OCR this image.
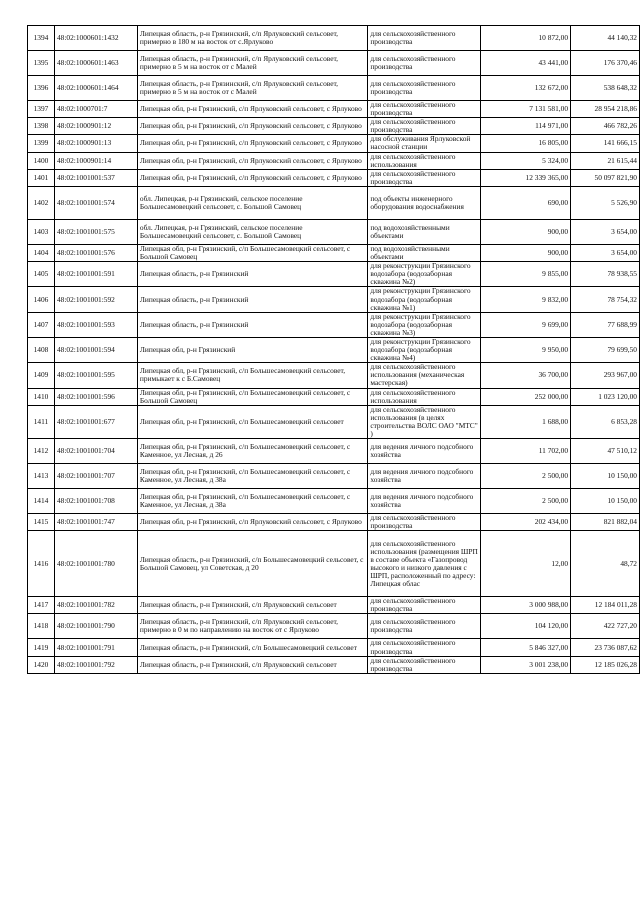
1394	48:02:1000601:1432	Липецкая область, р-н Грязинский, с/п Ярлуковский сельсовет, примерно в 180 м на восток от с.Ярлуково	для сельскохозяйственного производства	10 872,00	44 140,32
1395	48:02:1000601:1463	Липецкая область, р-н Грязинский, с/п Ярлуковский сельсовет, примерно в 5 м на восток от с Малей	для сельскохозяйственного производства	43 441,00	176 370,46
1396	48:02:1000601:1464	Липецкая область, р-н Грязинский, с/п Ярлуковский сельсовет, примерно в 5 м на восток от с Малей	для сельскохозяйственного производства	132 672,00	538 648,32
1397	48:02:1000701:7	Липецкая обл, р-н Грязинский, с/п Ярлуковский сельсовет, с Ярлуково	для сельскохозяйственного производства	7 131 581,00	28 954 218,86
1398	48:02:1000901:12	Липецкая обл, р-н Грязинский, с/п Ярлуковский сельсовет, с Ярлуково	для сельскохозяйственного производства	114 971,00	466 782,26
1399	48:02:1000901:13	Липецкая обл, р-н Грязинский, с/п Ярлуковский сельсовет, с Ярлуково	для обслуживания Ярлуковской насосной станции	16 805,00	141 666,15
1400	48:02:1000901:14	Липецкая обл, р-н Грязинский, с/п Ярлуковский сельсовет, с Ярлуково	для сельскохозяйственного использования	5 324,00	21 615,44
1401	48:02:1001001:537	Липецкая обл, р-н Грязинский, с/п Ярлуковский сельсовет, с Ярлуково	для сельскохозяйственного производства	12 339 365,00	50 097 821,90
1402	48:02:1001001:574	обл. Липецкая, р-н Грязинский, сельское поселение Большесамовецкий сельсовет, с. Большой Самовец	под объекты инженерного оборудования водоснабжения	690,00	5 526,90
1403	48:02:1001001:575	обл. Липецкая, р-н Грязинский, сельское поселение Большесамовецкий сельсовет, с. Большой Самовец	под водохозяйственными объектами	900,00	3 654,00
1404	48:02:1001001:576	Липецкая обл, р-н Грязинский, с/п Большесамовецкий сельсовет, с Большой Самовец	под водохозяйственными объектами	900,00	3 654,00
1405	48:02:1001001:591	Липецкая область, р-н Грязинский	для реконструкции Грязинского водозабора (водозаборная скважина №2)	9 855,00	78 938,55
1406	48:02:1001001:592	Липецкая область, р-н Грязинский	для реконструкции Грязинского водозабора (водозаборная скважина №1)	9 832,00	78 754,32
1407	48:02:1001001:593	Липецкая область, р-н Грязинский	для реконструкции Грязинского водозабора (водозаборная скважина №3)	9 699,00	77 688,99
1408	48:02:1001001:594	Липецкая обл, р-н Грязинский	для реконструкции Грязинского водозабора (водозаборная скважина №4)	9 950,00	79 699,50
1409	48:02:1001001:595	Липецкая обл, р-н Грязинский, с/п Большесамовецкий сельсовет, примыкает к с Б.Самовец	для сельскохозяйственного использования (механическая мастерская)	36 700,00	293 967,00
1410	48:02:1001001:596	Липецкая обл, р-н Грязинский, с/п Большесамовецкий сельсовет, с Большой Самовец	для сельскохозяйственного использования	252 000,00	1 023 120,00
1411	48:02:1001001:677	Липецкая обл, р-н Грязинский, с/п Большесамовецкий сельсовет	для сельскохозяйственного использования (в целях строительства ВОЛС ОАО "МТС" )	1 688,00	6 853,28
1412	48:02:1001001:704	Липецкая обл, р-н Грязинский, с/п Большесамовецкий сельсовет, с Каменное, ул Лесная, д 26	для ведения личного подсобного хозяйства	11 702,00	47 510,12
1413	48:02:1001001:707	Липецкая обл, р-н Грязинский, с/п Большесамовецкий сельсовет, с Каменное, ул Лесная, д 38а	для ведения личного подсобного хозяйства	2 500,00	10 150,00
1414	48:02:1001001:708	Липецкая обл, р-н Грязинский, с/п Большесамовецкий сельсовет, с Каменное, ул Лесная, д 38а	для ведения личного подсобного хозяйства	2 500,00	10 150,00
1415	48:02:1001001:747	Липецкая обл, р-н Грязинский, с/п Ярлуковский сельсовет, с Ярлуково	для сельскохозяйственного производства	202 434,00	821 882,04
1416	48:02:1001001:780	Липецкая область, р-н Грязинский, с/п Большесамовецкий сельсовет, с Большой Самовец, ул Советская, д 20	для сельскохозяйственного использования (размещения ШРП в составе объекта «Газопровод высокого и низкого давления с ШРП, расположенный по адресу: Липецкая облас	12,00	48,72
1417	48:02:1001001:782	Липецкая область, р-н Грязинский, с/п Ярлуковский сельсовет	для сельскохозяйственного производства	3 000 988,00	12 184 011,28
1418	48:02:1001001:790	Липецкая область, р-н Грязинский, с/п Ярлуковский сельсовет, примерно в 0 м по направлению на восток от с Ярлуково	для сельскохозяйственного производства	104 120,00	422 727,20
1419	48:02:1001001:791	Липецкая область, р-н Грязинский, с/п Большесамовецкий сельсовет	для сельскохозяйственного производства	5 846 327,00	23 736 087,62
1420	48:02:1001001:792	Липецкая область, р-н Грязинский, с/п Ярлуковский сельсовет	для сельскохозяйственного производства	3 001 238,00	12 185 026,28
